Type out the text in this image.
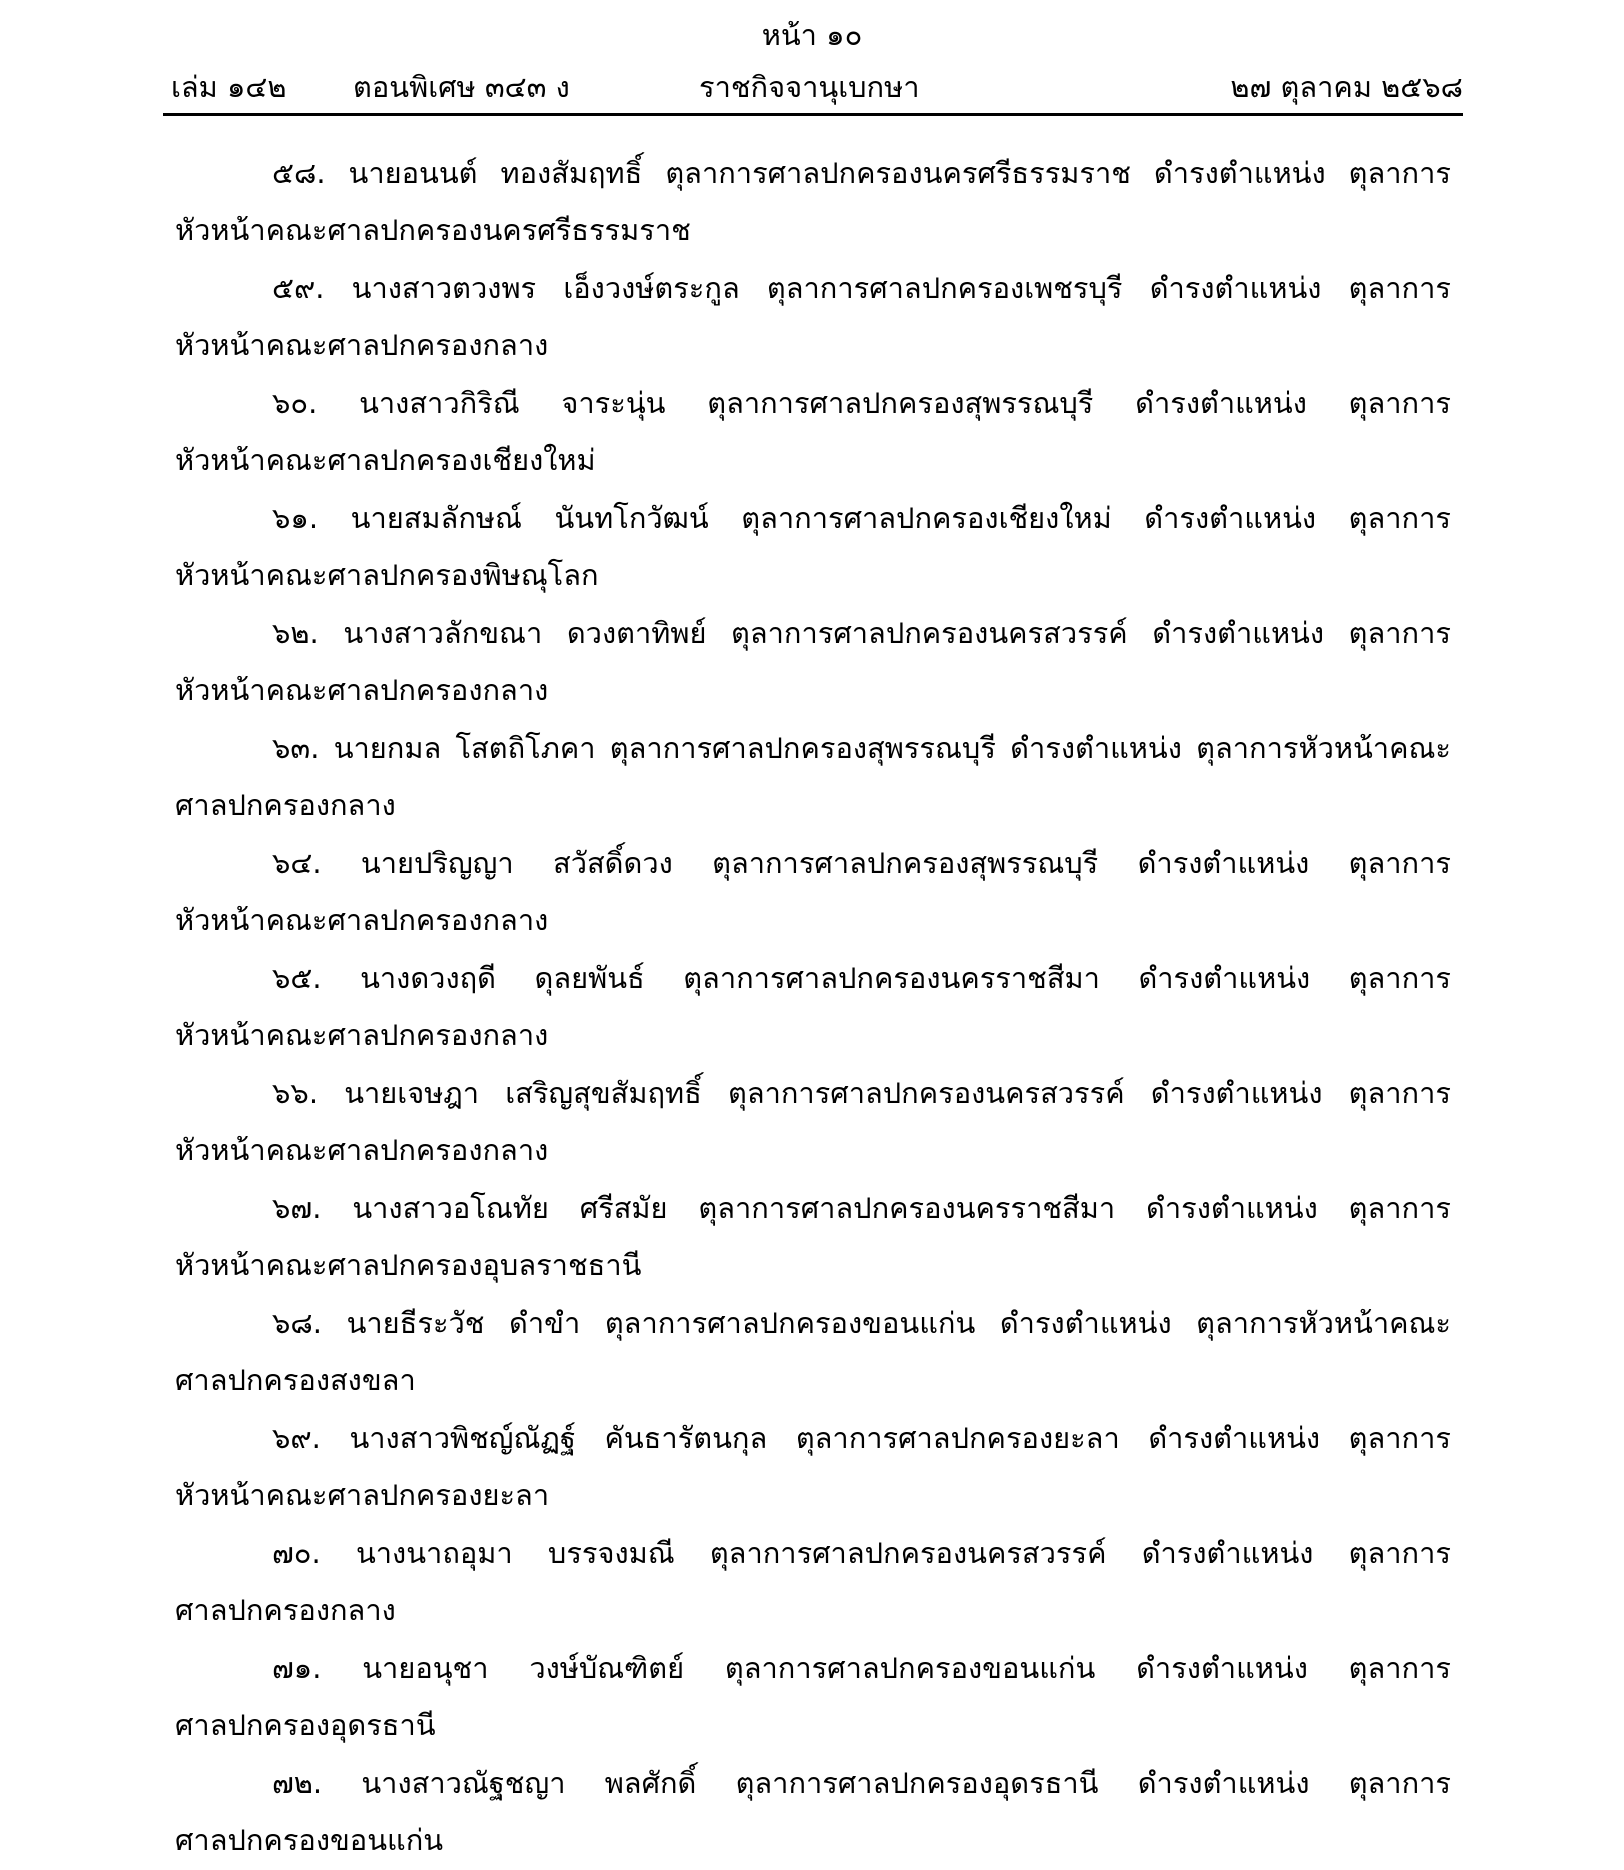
หน้า ๑๐
เล่ม ๑๔๒ ตอนพิเศษ ๓๔๓ ง	ราชกิจจานุเบกษา	๒๗ ตุลาคม ๒๕๖๘
๕๘. นายอนนต์ ทองสัมฤทธิ์ ตุลาการศาลปกครองนครศรีธรรมราช ดำรงตำแหน่ง ตุลาการ
หัวหน้าคณะศาลปกครองนครศรีธรรมราช
๕๙. นางสาวตวงพร เอ็งวงษ์ตระกูล ตุลาการศาลปกครองเพชรบุรี ดำรงตำแหน่ง ตุลาการ
หัวหน้าคณะศาลปกครองกลาง
๖๐. นางสาวกิริณี จาระนุ่น ตุลาการศาลปกครองสุพรรณบุรี ดำรงตำแหน่ง ตุลาการ
หัวหน้าคณะศาลปกครองเชียงใหม่
๖๑. นายสมลักษณ์ นันทโกวัฒน์ ตุลาการศาลปกครองเชียงใหม่ ดำรงตำแหน่ง ตุลาการ
หัวหน้าคณะศาลปกครองพิษณุโลก
๖๒. นางสาวลักขณา ดวงตาทิพย์ ตุลาการศาลปกครองนครสวรรค์ ดำรงตำแหน่ง ตุลาการ
หัวหน้าคณะศาลปกครองกลาง
๖๓. นายกมล โสตถิโภคา ตุลาการศาลปกครองสุพรรณบุรี ดำรงตำแหน่ง ตุลาการหัวหน้าคณะ
ศาลปกครองกลาง
๖๔. นายปริญญา สวัสดิ์ดวง ตุลาการศาลปกครองสุพรรณบุรี ดำรงตำแหน่ง ตุลาการ
หัวหน้าคณะศาลปกครองกลาง
๖๕. นางดวงฤดี ดุลยพันธ์ ตุลาการศาลปกครองนครราชสีมา ดำรงตำแหน่ง ตุลาการ
หัวหน้าคณะศาลปกครองกลาง
๖๖. นายเจษฎา เสริญสุขสัมฤทธิ์ ตุลาการศาลปกครองนครสวรรค์ ดำรงตำแหน่ง ตุลาการ
หัวหน้าคณะศาลปกครองกลาง
๖๗. นางสาวอโณทัย ศรีสมัย ตุลาการศาลปกครองนครราชสีมา ดำรงตำแหน่ง ตุลาการ
หัวหน้าคณะศาลปกครองอุบลราชธานี
๖๘. นายธีระวัช ดำขำ ตุลาการศาลปกครองขอนแก่น ดำรงตำแหน่ง ตุลาการหัวหน้าคณะ
ศาลปกครองสงขลา
๖๙. นางสาวพิชญ์ณัฏฐ์ คันธารัตนกุล ตุลาการศาลปกครองยะลา ดำรงตำแหน่ง ตุลาการ
หัวหน้าคณะศาลปกครองยะลา
๗๐. นางนาถอุมา บรรจงมณี ตุลาการศาลปกครองนครสวรรค์ ดำรงตำแหน่ง ตุลาการ
ศาลปกครองกลาง
๗๑. นายอนุชา วงษ์บัณฑิตย์ ตุลาการศาลปกครองขอนแก่น ดำรงตำแหน่ง ตุลาการ
ศาลปกครองอุดรธานี
๗๒. นางสาวณัฐชญา พลศักดิ์ ตุลาการศาลปกครองอุดรธานี ดำรงตำแหน่ง ตุลาการ
ศาลปกครองขอนแก่น
